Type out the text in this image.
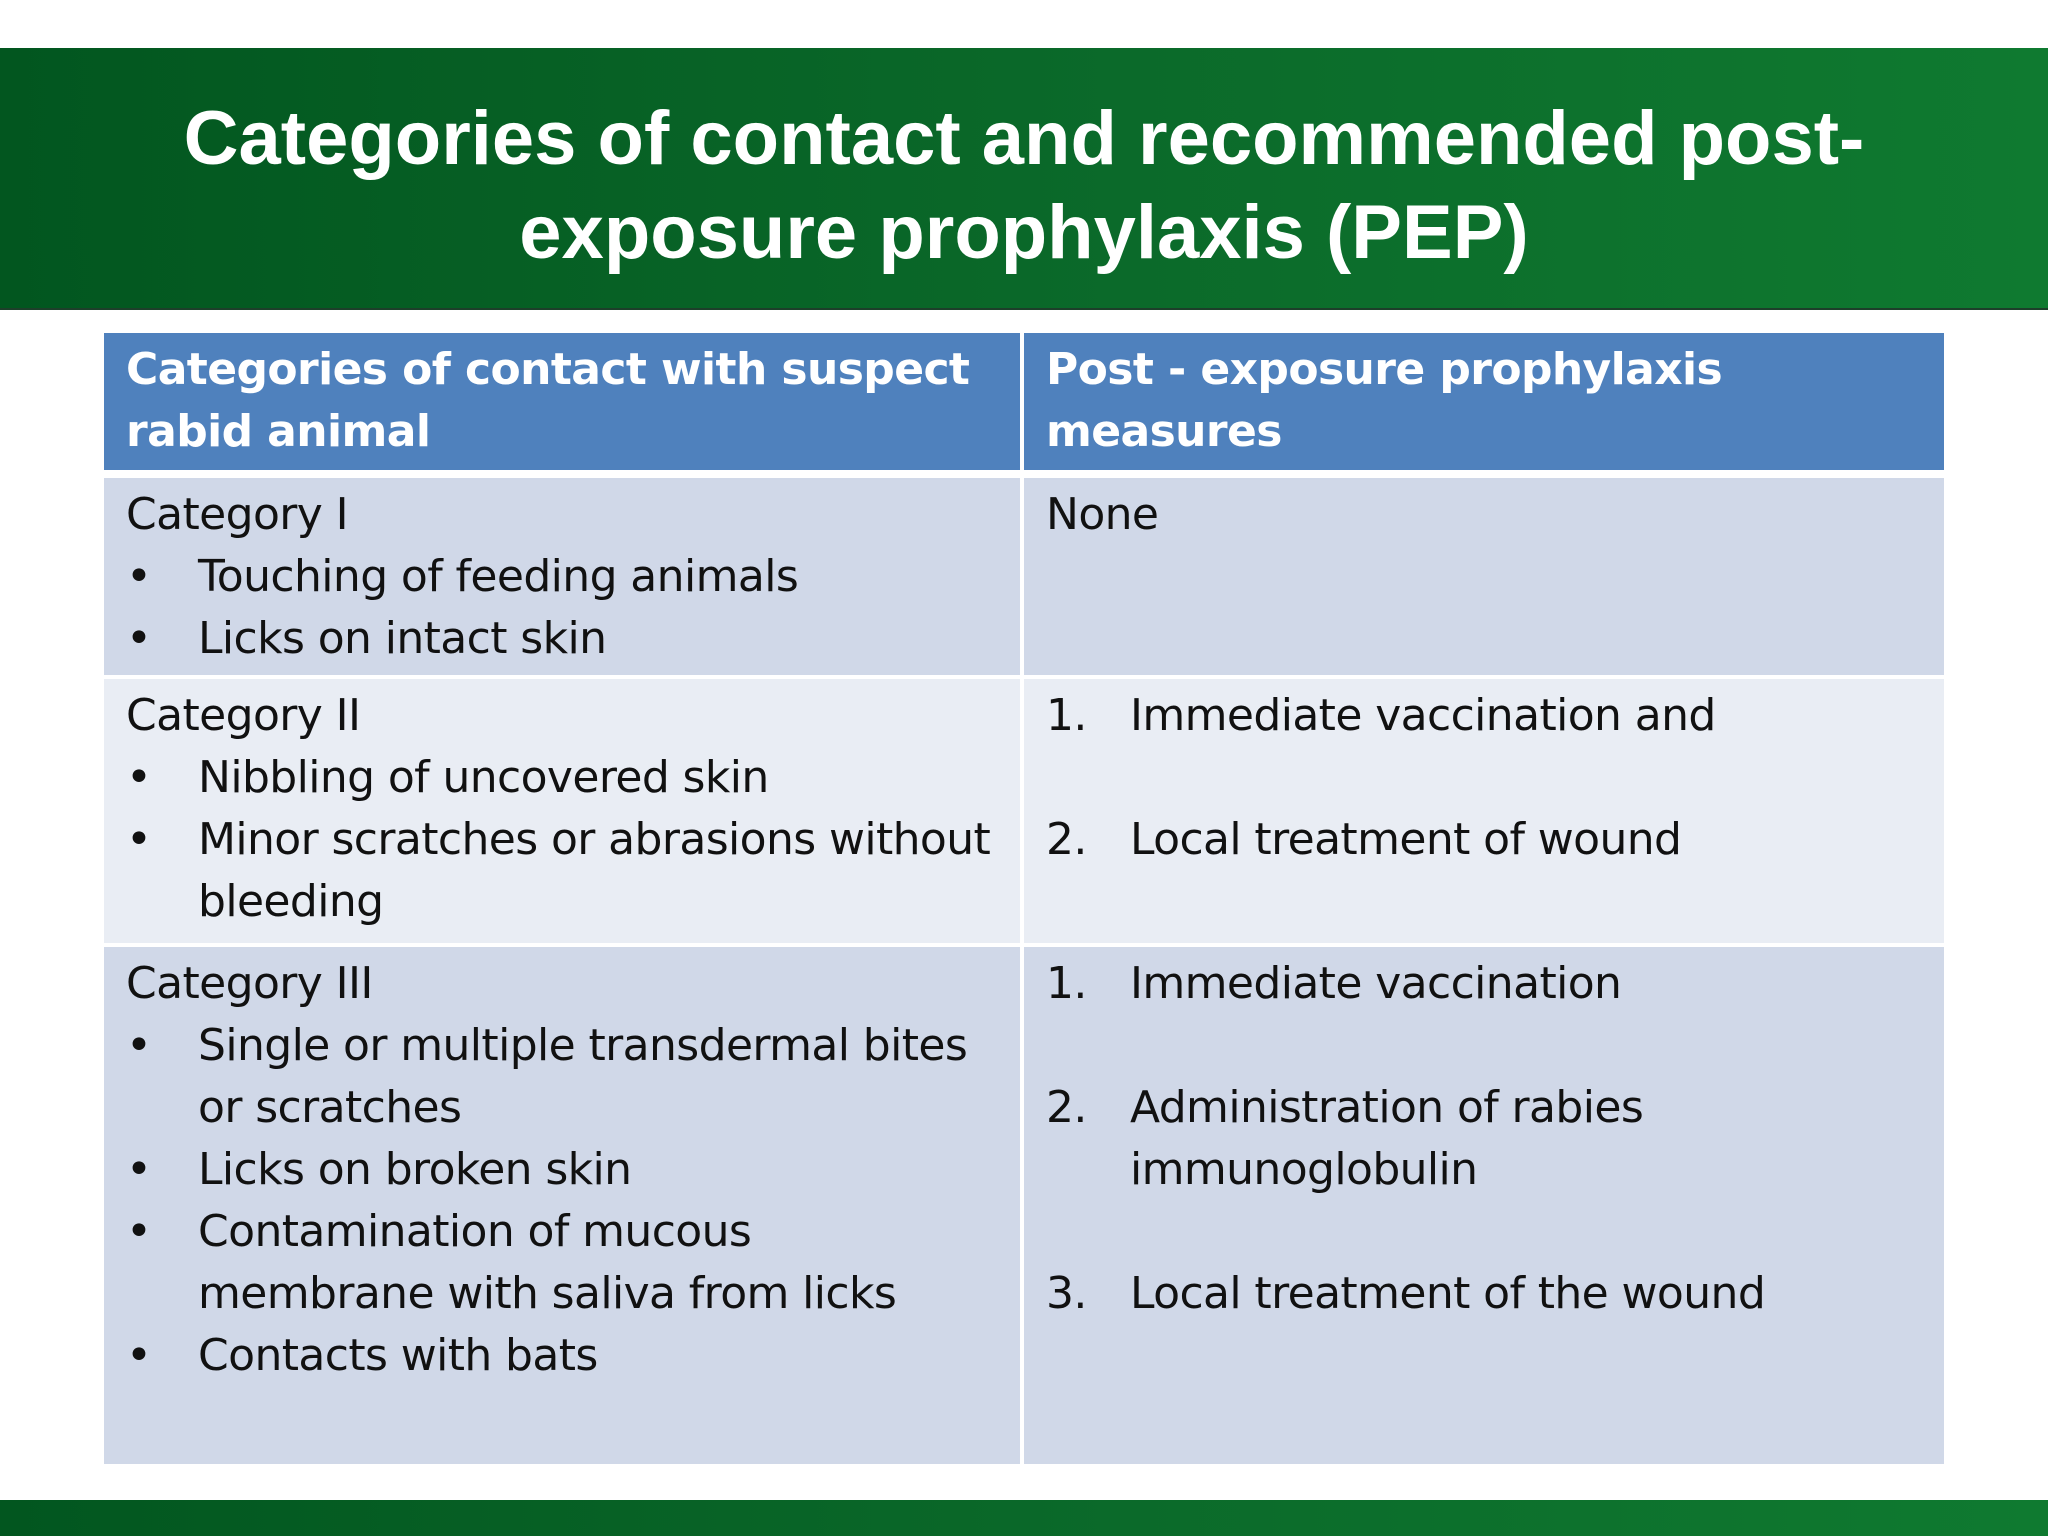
Categories of contact and recommended post-exposure prophylaxis (PEP)
Categories of contact with suspect rabid animal
Post - exposure prophylaxis measures
Category I
• Touching of feeding animals
• Licks on intact skin
None
Category II
• Nibbling of uncovered skin
• Minor scratches or abrasions without bleeding
1. Immediate vaccination and
2. Local treatment of wound
Category III
• Single or multiple transdermal bites or scratches
• Licks on broken skin
• Contamination of mucous membrane with saliva from licks
• Contacts with bats
1. Immediate vaccination
2. Administration of rabies immunoglobulin
3. Local treatment of the wound
